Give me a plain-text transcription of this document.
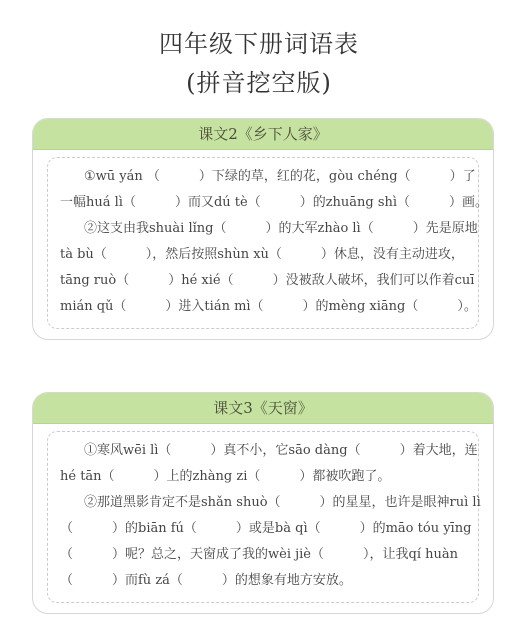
四年级下册词语表
(拼音挖空版)
课文2《乡下人家》
①wū yán （　　　）下绿的草，红的花，gòu chéng（　　　）了
一幅huá lì（　　　）而又dú tè（　　　）的zhuāng shì（　　　）画。
②这支由我shuài lǐng（　　　）的大军zhào lì（　　　）先是原地
tà bù（　　　），然后按照shùn xù（　　　）休息，没有主动进攻，
tāng ruò（　　　）hé xié（　　　）没被敌人破坏，我们可以作着cuī
mián qǔ（　　　）进入tián mì（　　　）的mèng xiāng（　　　）。
课文3《天窗》
①寒风wēi lì（　　　）真不小，它sāo dàng（　　　）着大地，连
hé tān（　　　）上的zhàng zi（　　　）都被吹跑了。
②那道黑影肯定不是shǎn shuò（　　　）的星星，也许是眼神ruì lì
（　　　）的biān fú（　　　）或是bà qì（　　　）的māo tóu yīng
（　　　）呢？总之，天窗成了我的wèi jiè（　　　），让我qí huàn
（　　　）而fù zá（　　　）的想象有地方安放。
